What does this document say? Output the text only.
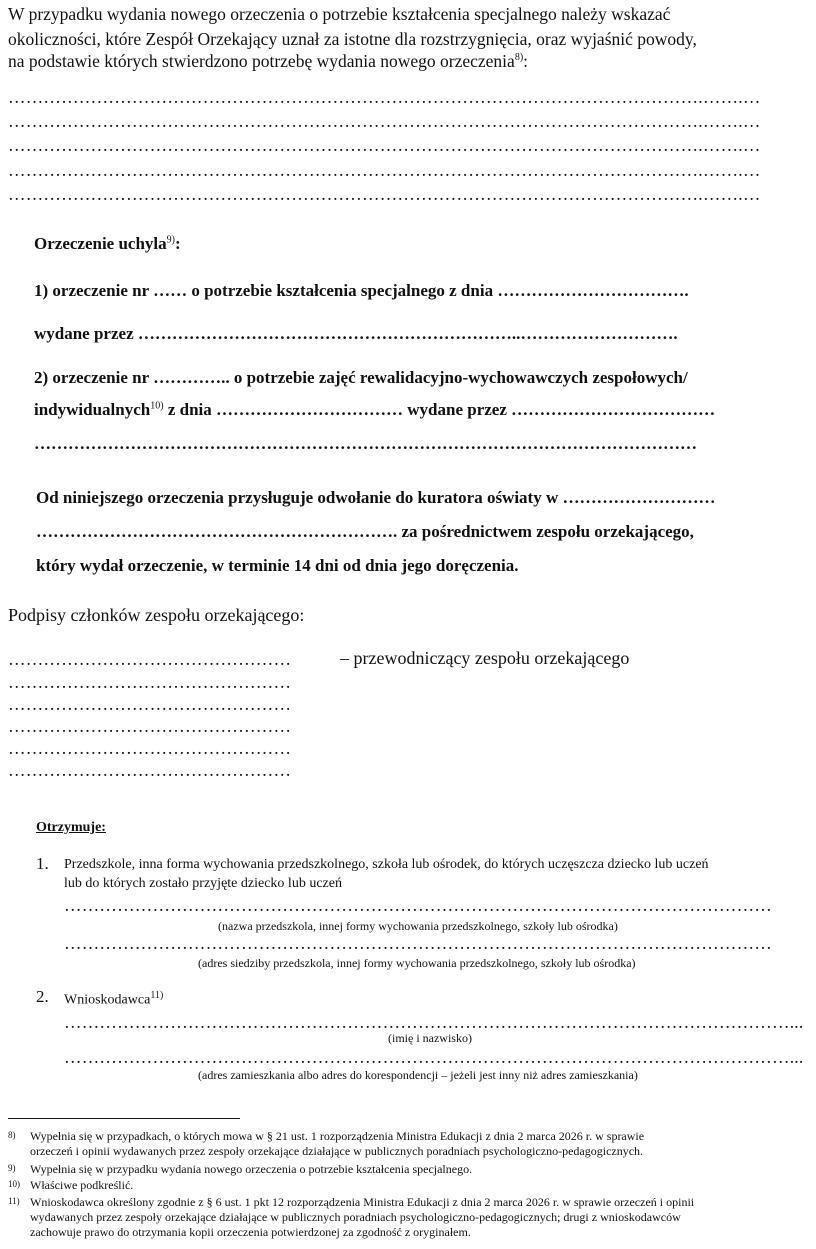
W przypadku wydania nowego orzeczenia o potrzebie kształcenia specjalnego należy wskazać
okoliczności, które Zespół Orzekający uznał za istotne dla rozstrzygnięcia, oraz wyjaśnić powody,
na podstawie których stwierdzono potrzebę wydania nowego orzeczenia$^{8)}$:
……………………………………………………………………………………………………….…….…
……………………………………………………………………………………………………….…….…
……………………………………………………………………………………………………….…….…
……………………………………………………………………………………………………….…….…
……………………………………………………………………………………………………….…….…
Orzeczenie uchyla$^{9)}$:
1) orzeczenie nr …… o potrzebie kształcenia specjalnego z dnia …………………………….
wydane przez …………………………………………………………..……………………….
2) orzeczenie nr ………….. o potrzebie zajęć rewalidacyjno-wychowawczych zespołowych/
indywidualnych$^{10)}$ z dnia …………………………… wydane przez ………………………………
………………………………………………………………………………………………………
Od niniejszego orzeczenia przysługuje odwołanie do kuratora oświaty w ………………………
………………………………………………………. za pośrednictwem zespołu orzekającego,
który wydał orzeczenie, w terminie 14 dni od dnia jego doręczenia.
Podpisy członków zespołu orzekającego:
…………………………………………	– przewodniczący zespołu orzekającego
…………………………………………
…………………………………………
…………………………………………
…………………………………………
…………………………………………
Otrzymuje:
1. Przedszkole, inna forma wychowania przedszkolnego, szkoła lub ośrodek, do których uczęszcza dziecko lub uczeń
lub do których zostało przyjęte dziecko lub uczeń
…………………………………………………………………………………………………………
(nazwa przedszkola, innej formy wychowania przedszkolnego, szkoły lub ośrodka)
…………………………………………………………………………………………………………
(adres siedziby przedszkola, innej formy wychowania przedszkolnego, szkoły lub ośrodka)
2. Wnioskodawca$^{11)}$
……………………………………………………………………………………………………………...
(imię i nazwisko)
……………………………………………………………………………………………………………...
(adres zamieszkania albo adres do korespondencji – jeżeli jest inny niż adres zamieszkania)
8) Wypełnia się w przypadkach, o których mowa w § 21 ust. 1 rozporządzenia Ministra Edukacji z dnia 2 marca 2026 r. w sprawie
orzeczeń i opinii wydawanych przez zespoły orzekające działające w publicznych poradniach psychologiczno-pedagogicznych.
9) Wypełnia się w przypadku wydania nowego orzeczenia o potrzebie kształcenia specjalnego.
10) Właściwe podkreślić.
11) Wnioskodawca określony zgodnie z § 6 ust. 1 pkt 12 rozporządzenia Ministra Edukacji z dnia 2 marca 2026 r. w sprawie orzeczeń i opinii
wydawanych przez zespoły orzekające działające w publicznych poradniach psychologiczno-pedagogicznych; drugi z wnioskodawców
zachowuje prawo do otrzymania kopii orzeczenia potwierdzonej za zgodność z oryginałem.
